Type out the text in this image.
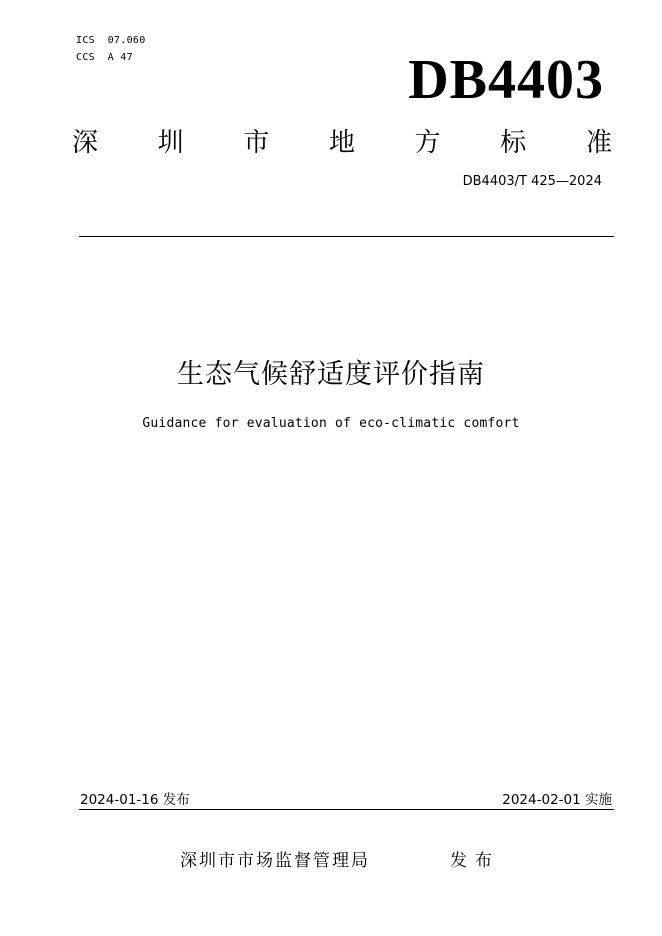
ICS  07.060
CCS  A 47	DB4403
深 圳 市 地 方 标 准
DB4403/T 425—2024
生态气候舒适度评价指南
Guidance for evaluation of eco-climatic comfort
2024-01-16 发布	2024-02-01 实施
深圳市市场监督管理局	发布
